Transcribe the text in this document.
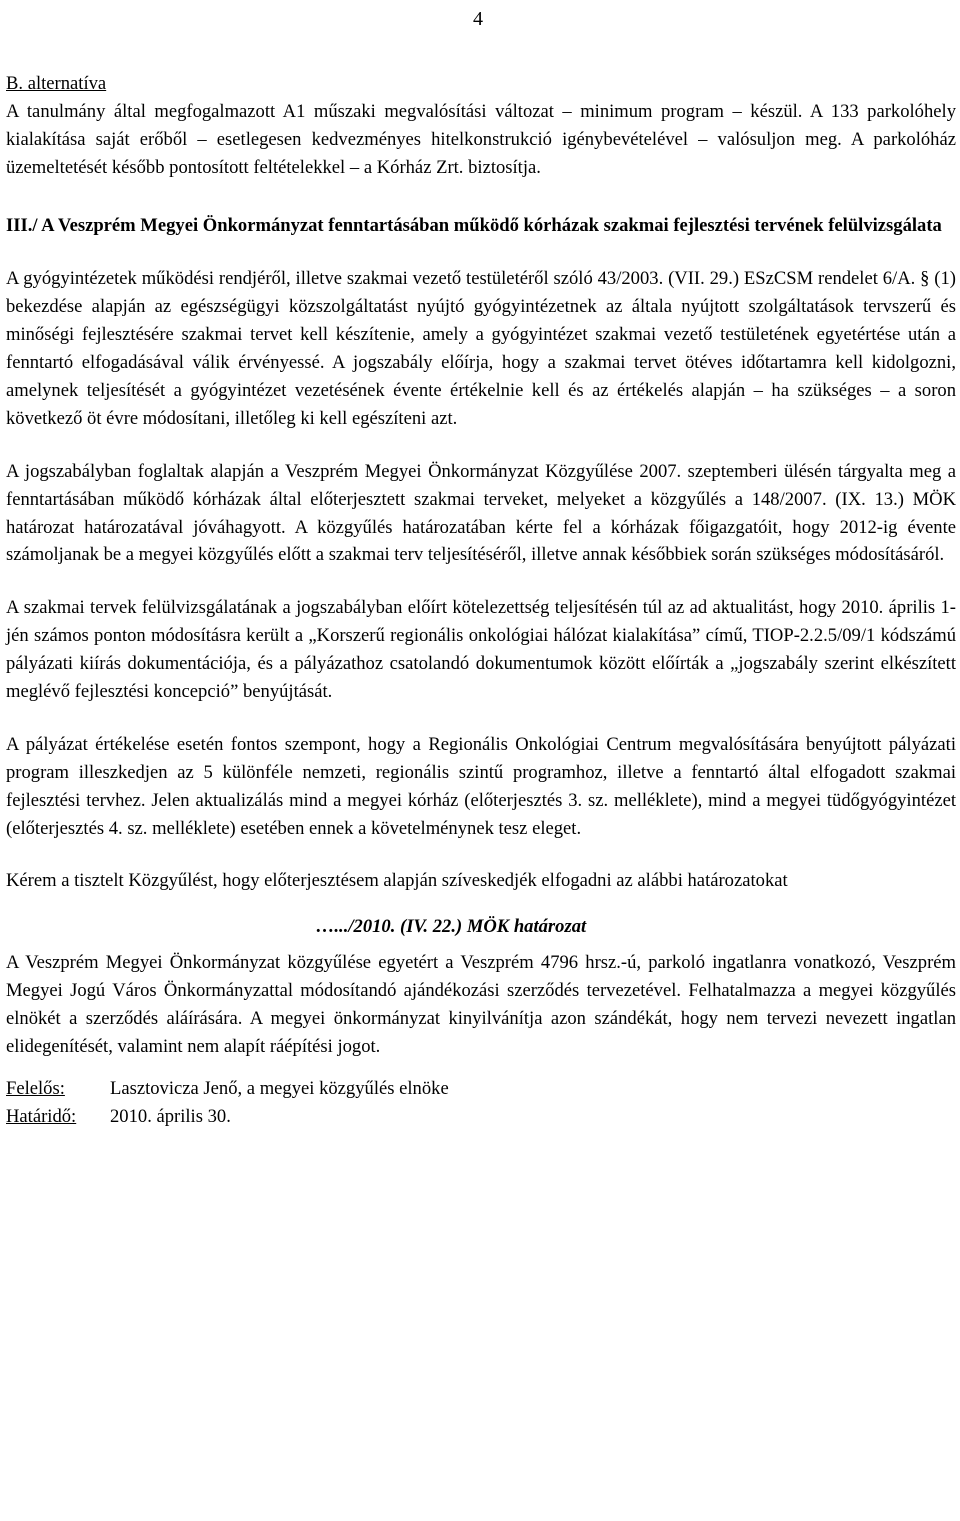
4
B. alternatíva
A tanulmány által megfogalmazott A1 műszaki megvalósítási változat – minimum program – készül. A 133 parkolóhely kialakítása saját erőből – esetlegesen kedvezményes hitelkonstrukció igénybevételével – valósuljon meg. A parkolóház üzemeltetését később pontosított feltételekkel – a Kórház Zrt. biztosítja.
III./ A Veszprém Megyei Önkormányzat fenntartásában működő kórházak szakmai fejlesztési tervének felülvizsgálata
A gyógyintézetek működési rendjéről, illetve szakmai vezető testületéről szóló 43/2003. (VII. 29.) ESzCSM rendelet 6/A. § (1) bekezdése alapján az egészségügyi közszolgáltatást nyújtó gyógyintézetnek az általa nyújtott szolgáltatások tervszerű és minőségi fejlesztésére szakmai tervet kell készítenie, amely a gyógyintézet szakmai vezető testületének egyetértése után a fenntartó elfogadásával válik érvényessé. A jogszabály előírja, hogy a szakmai tervet ötéves időtartamra kell kidolgozni, amelynek teljesítését a gyógyintézet vezetésének évente értékelnie kell és az értékelés alapján – ha szükséges – a soron következő öt évre módosítani, illetőleg ki kell egészíteni azt.
A jogszabályban foglaltak alapján a Veszprém Megyei Önkormányzat Közgyűlése 2007. szeptemberi ülésén tárgyalta meg a fenntartásában működő kórházak által előterjesztett szakmai terveket, melyeket a közgyűlés a 148/2007. (IX. 13.) MÖK határozat határozatával jóváhagyott. A közgyűlés határozatában kérte fel a kórházak főigazgatóit, hogy 2012-ig évente számoljanak be a megyei közgyűlés előtt a szakmai terv teljesítéséről, illetve annak későbbiek során szükséges módosításáról.
A szakmai tervek felülvizsgálatának a jogszabályban előírt kötelezettség teljesítésén túl az ad aktualitást, hogy 2010. április 1-jén számos ponton módosításra került a „Korszerű regionális onkológiai hálózat kialakítása” című, TIOP-2.2.5/09/1 kódszámú pályázati kiírás dokumentációja, és a pályázathoz csatolandó dokumentumok között előírták a „jogszabály szerint elkészített meglévő fejlesztési koncepció” benyújtását.
A pályázat értékelése esetén fontos szempont, hogy a Regionális Onkológiai Centrum megvalósítására benyújtott pályázati program illeszkedjen az 5 különféle nemzeti, regionális szintű programhoz, illetve a fenntartó által elfogadott szakmai fejlesztési tervhez. Jelen aktualizálás mind a megyei kórház (előterjesztés 3. sz. melléklete), mind a megyei tüdőgyógyintézet (előterjesztés 4. sz. melléklete) esetében ennek a követelménynek tesz eleget.
Kérem a tisztelt Közgyűlést, hogy előterjesztésem alapján szíveskedjék elfogadni az alábbi határozatokat
….../2010. (IV. 22.) MÖK határozat
A Veszprém Megyei Önkormányzat közgyűlése egyetért a Veszprém 4796 hrsz.-ú, parkoló ingatlanra vonatkozó, Veszprém Megyei Jogú Város Önkormányzattal módosítandó ajándékozási szerződés tervezetével. Felhatalmazza a megyei közgyűlés elnökét a szerződés aláírására. A megyei önkormányzat kinyilvánítja azon szándékát, hogy nem tervezi nevezett ingatlan elidegenítését, valamint nem alapít ráépítési jogot.
Felelős:	Lasztovicza Jenő, a megyei közgyűlés elnöke
Határidő:	2010. április 30.
